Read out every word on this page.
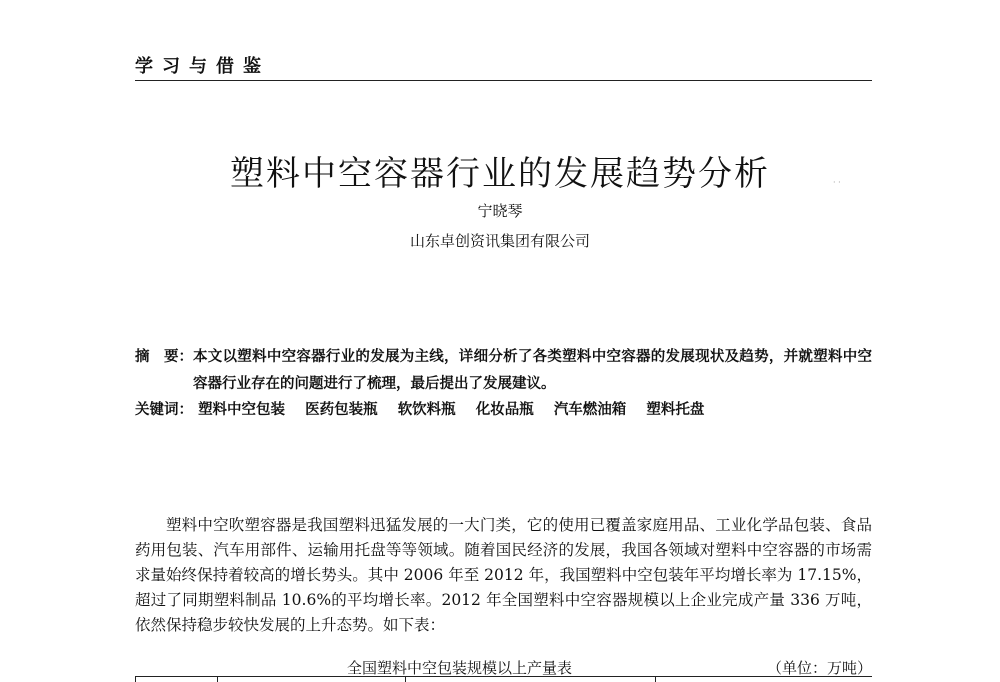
学习与借鉴
塑料中空容器行业的发展趋势分析	· ·
宁晓琴
山东卓创资讯集团有限公司
摘　要： 本文以塑料中空容器行业的发展为主线，详细分析了各类塑料中空容器的发展现状及趋势，并就塑料中空容器行业存在的问题进行了梳理，最后提出了发展建议。
关键词： 塑料中空包装 医药包装瓶 软饮料瓶 化妆品瓶 汽车燃油箱 塑料托盘

塑料中空吹塑容器是我国塑料迅猛发展的一大门类，它的使用已覆盖家庭用品、工业化学品包装、食品药用包装、汽车用部件、运输用托盘等等领域。随着国民经济的发展，我国各领域对塑料中空容器的市场需求量始终保持着较高的增长势头。其中 2006 年至 2012 年，我国塑料中空包装年平均增长率为 17.15%，超过了同期塑料制品 10.6%的平均增长率。2012 年全国塑料中空容器规模以上企业完成产量 336 万吨，依然保持稳步较快发展的上升态势。如下表：

全国塑料中空包装规模以上产量表	（单位：万吨）
